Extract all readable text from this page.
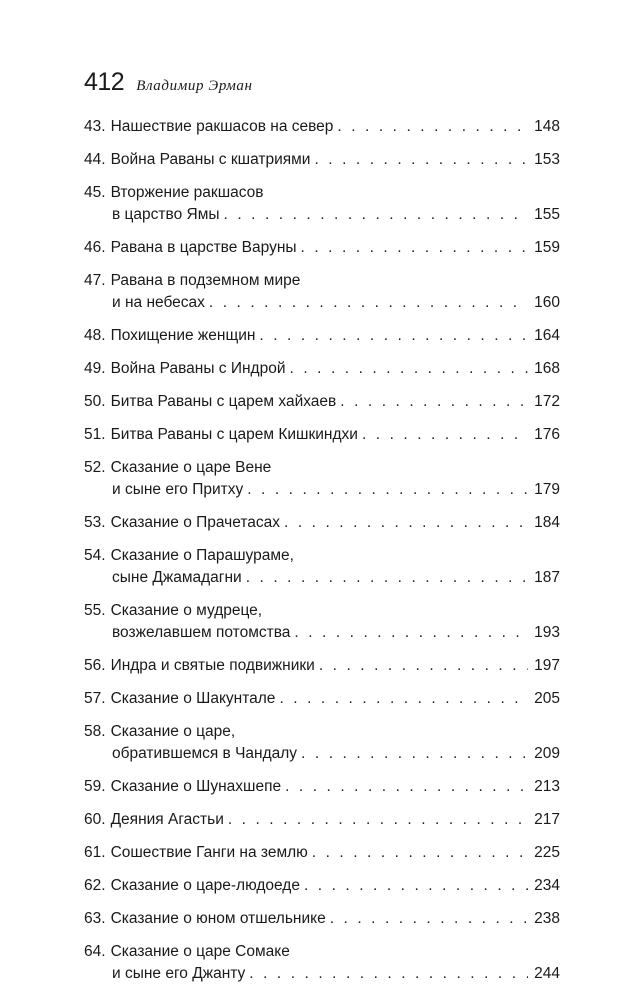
412 Владимир Эрман
43. Нашествие ракшасов на север . . .	148
44. Война Раваны с кшатриями . . .	153
45. Вторжение ракшасов
в царство Ямы . . .	155
46. Равана в царстве Варуны . . .	159
47. Равана в подземном мире
и на небесах . . .	160
48. Похищение женщин . . .	164
49. Война Раваны с Индрой . . .	168
50. Битва Раваны с царем хайхаев . . .	172
51. Битва Раваны с царем Кишкиндхи . . .	176
52. Сказание о царе Вене
и сыне его Притху . . .	179
53. Сказание о Прачетасах . . .	184
54. Сказание о Парашураме,
сыне Джамадагни . . .	187
55. Сказание о мудреце,
возжелавшем потомства . . .	193
56. Индра и святые подвижники . . .	197
57. Сказание о Шакунтале . . .	205
58. Сказание о царе,
обратившемся в Чандалу . . .	209
59. Сказание о Шунахшепе . . .	213
60. Деяния Агастьи . . .	217
61. Сошествие Ганги на землю . . .	225
62. Сказание о царе-людоеде . . .	234
63. Сказание о юном отшельнике . . .	238
64. Сказание о царе Сомаке
и сыне его Джанту . . .	244
